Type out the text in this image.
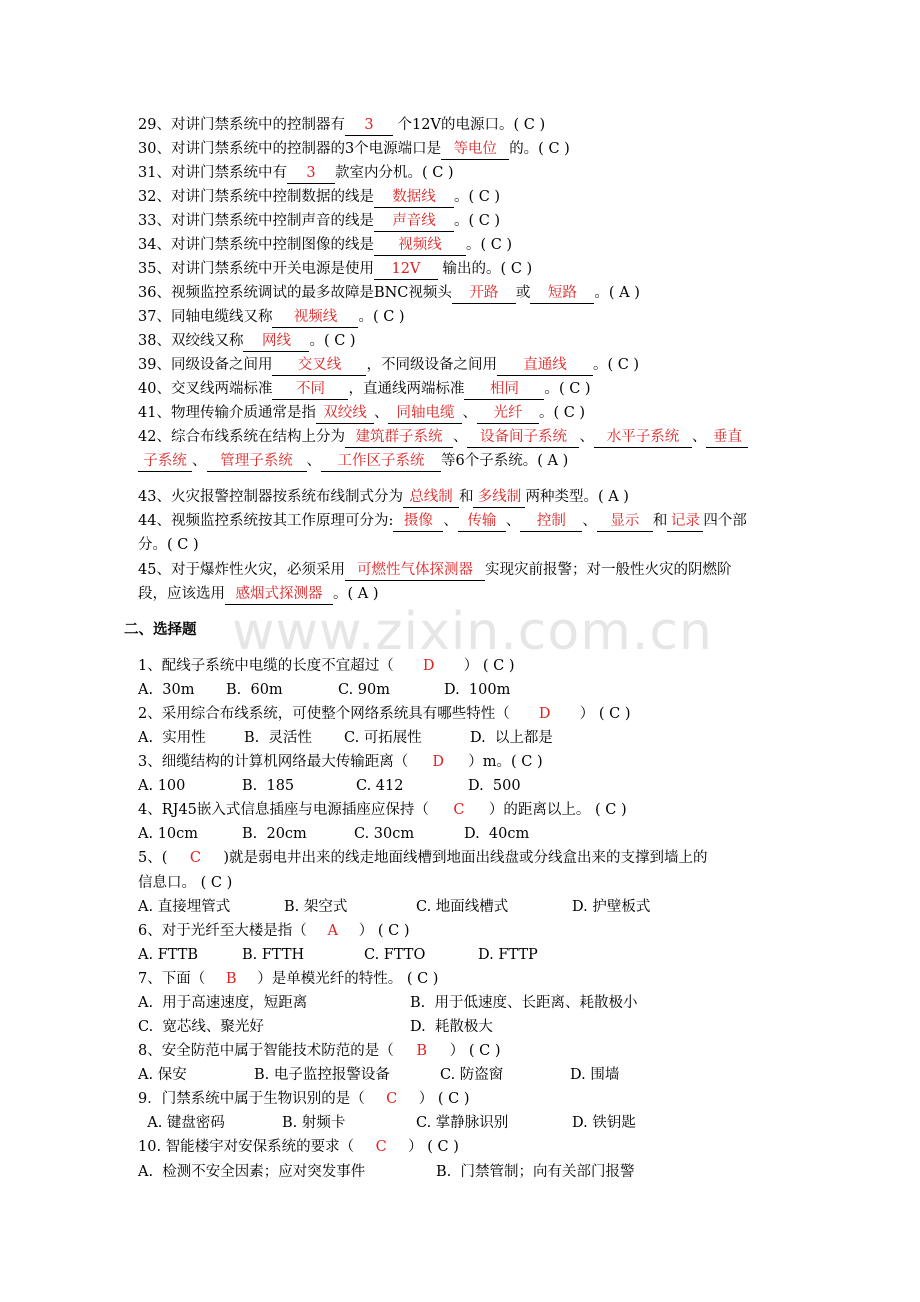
www.zixin.com.cn
29、对讲门禁系统中的控制器有 3 个12V的电源口。( C )
30、对讲门禁系统中的控制器的3个电源端口是 等电位 的。( C )
31、对讲门禁系统中有 3 款室内分机。( C )
32、对讲门禁系统中控制数据的线是 数据线 。( C )
33、对讲门禁系统中控制声音的线是 声音线 。( C )
34、对讲门禁系统中控制图像的线是 视频线 。( C )
35、对讲门禁系统中开关电源是使用 12V 输出的。( C )
36、视频监控系统调试的最多故障是BNC视频头 开路 或 短路 。( A )
37、同轴电缆线又称 视频线 。( C )
38、双绞线又称 网线 。( C )
39、同级设备之间用 交叉线 ，不同级设备之间用 直通线 。( C )
40、交叉线两端标准 不同 ，直通线两端标准 相同 。( C )
41、物理传输介质通常是指 双绞线 、 同轴电缆 、 光纤 。( C )
42、综合布线系统在结构上分为 建筑群子系统 、 设备间子系统 、 水平子系统 、 垂直
子系统 、 管理子系统 、 工作区子系统 等6个子系统。( A )
43、火灾报警控制器按系统布线制式分为 总线制 和 多线制 两种类型。( A )
44、视频监控系统按其工作原理可分为: 摄像 、 传输 、 控制 、 显示 和 记录 四个部
分。( C )
45、对于爆炸性火灾，必须采用 可燃性气体探测器 实现灾前报警；对一般性火灾的阴燃阶
段，应该选用 感烟式探测器 。( A )
二、选择题
1、配线子系统中电缆的长度不宜超过（ D ） ( C )
A.  30m B.  60m	C. 90m	D.  100m
2、采用综合布线系统，可使整个网络系统具有哪些特性（ D ） ( C )
A.  实用性	B.  灵活性 C. 可拓展性	D.  以上都是
3、细缆结构的计算机网络最大传输距离（ D ）m。( C )
A. 100	B.  185	C. 412	D.  500
4、RJ45嵌入式信息插座与电源插座应保持（ C ）的距离以上。 ( C )
A. 10cm	B.  20cm	C. 30cm	D.  40cm
5、( C )就是弱电井出来的线走地面线槽到地面出线盘或分线盒出来的支撑到墙上的
信息口。 ( C )
A. 直接埋管式	B. 架空式	C. 地面线槽式	D. 护壁板式
6、对于光纤至大楼是指（ A ） ( C )
A. FTTB	B. FTTH	C. FTTO	D. FTTP
7、下面（ B ）是单模光纤的特性。 ( C )
A.  用于高速速度，短距离	B.  用于低速度、长距离、耗散极小
C.  宽芯线、聚光好	D.  耗散极大
8、安全防范中属于智能技术防范的是（ B ） ( C )
A. 保安	B. 电子监控报警设备	C. 防盗窗	D. 围墙
9．门禁系统中属于生物识别的是（ C ） ( C )
A. 键盘密码	B. 射频卡	C. 掌静脉识别	D. 铁钥匙
10. 智能楼宇对安保系统的要求（ C ） ( C )
A.  检测不安全因素；应对突发事件	B.  门禁管制；向有关部门报警
